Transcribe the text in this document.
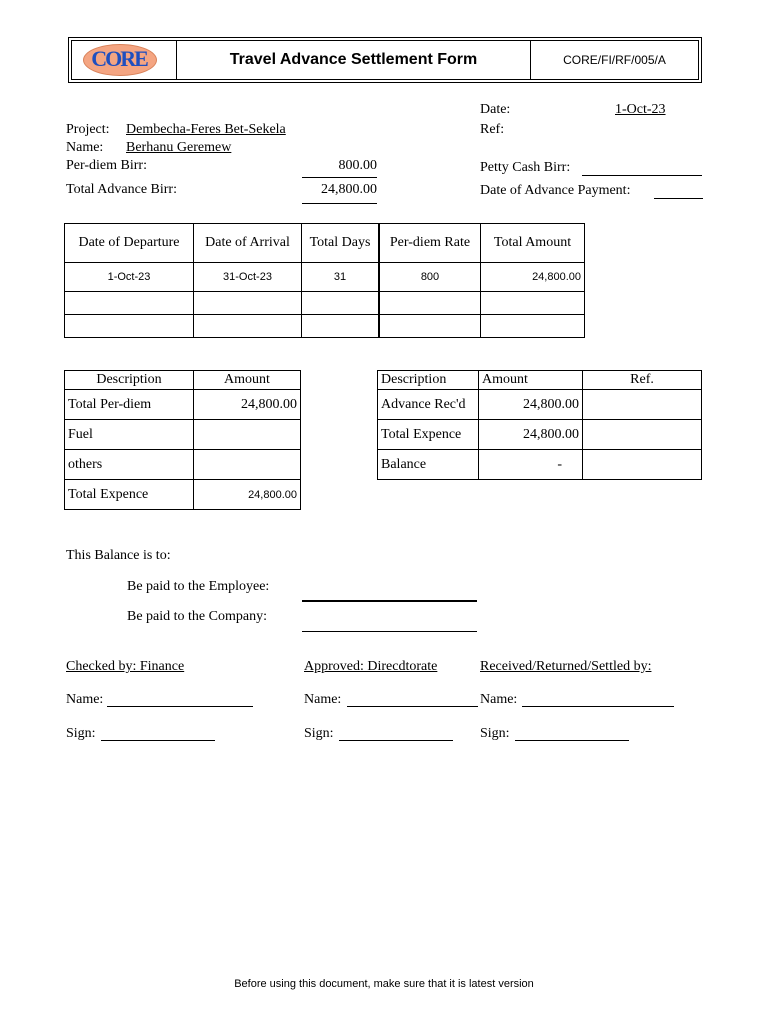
CORE	Travel Advance Settlement Form	CORE/FI/RF/005/A
Date:	1-Oct-23
Project: Dembecha-Feres Bet-Sekela	Ref:
Name: Berhanu Geremew
Per-diem Birr:	800.00	Petty Cash Birr:
Total Advance Birr:	24,800.00	Date of Advance Payment:
Date of Departure	Date of Arrival	Total Days	Per-diem Rate	Total Amount
1-Oct-23	31-Oct-23	31	800	24,800.00

Description	Amount
Total Per-diem	24,800.00
Fuel	
others	
Total Expence	24,800.00
Description	Amount	Ref.
Advance Rec'd	24,800.00	
Total Expence	24,800.00	
Balance	-	
This Balance is to:
Be paid to the Employee:
Be paid to the Company:
Checked by: Finance	Approved: Direcdtorate	Received/Returned/Settled by:
Name:	Name:	Name:
Sign:	Sign:	Sign:
Before using this document, make sure that it is latest version
